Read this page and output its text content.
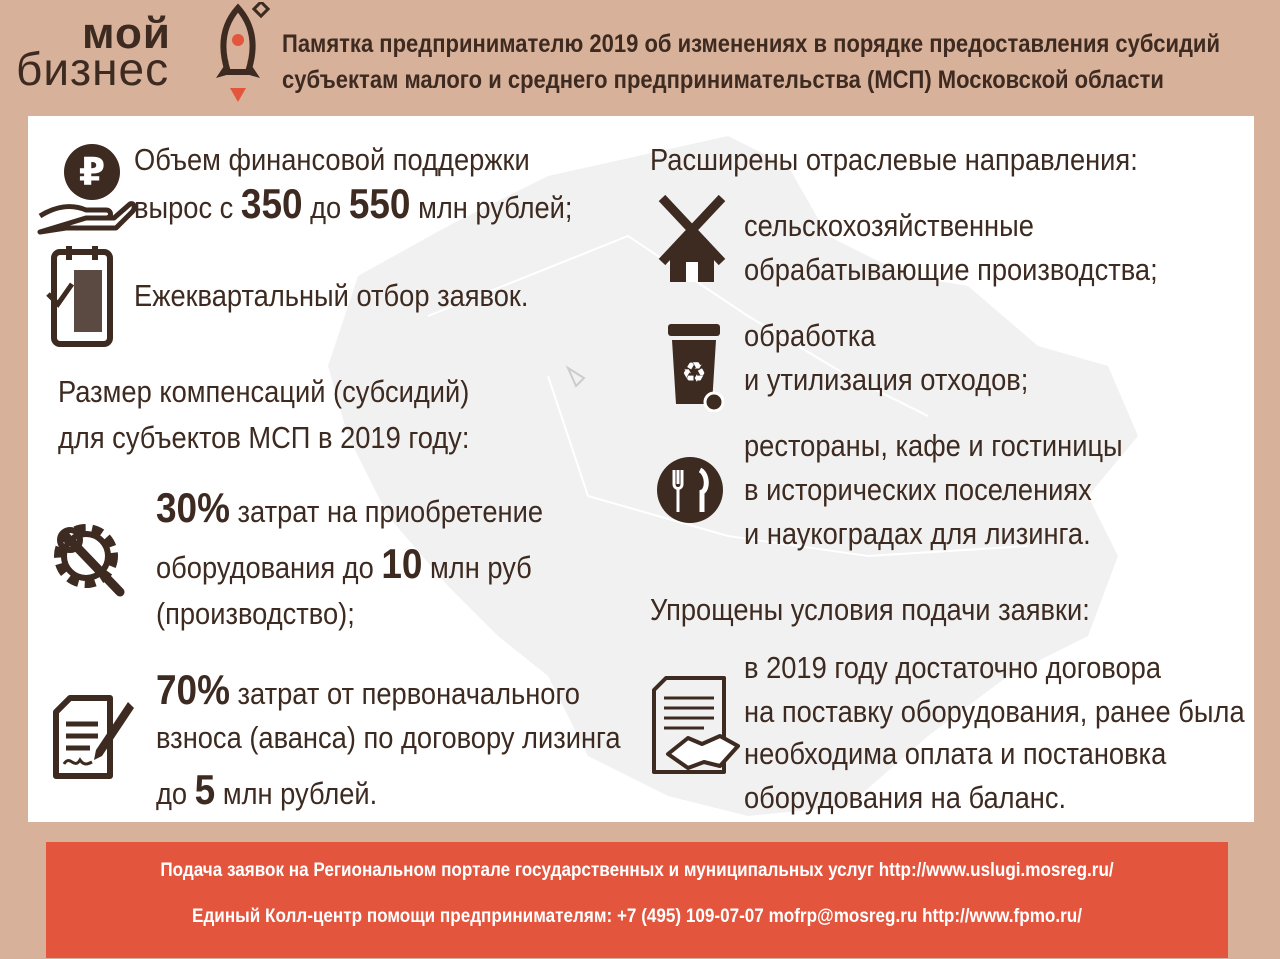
мой
бизнес	Памятка предпринимателю 2019 об изменениях в порядке предоставления субсидий
субъектам малого и среднего предпринимательства (МСП) Московской области
₽ Объем финансовой поддержки
вырос с 350 до 550 млн рублей;
Ежеквартальный отбор заявок.
Размер компенсаций (субсидий)
для субъектов МСП в 2019 году:
30% затрат на приобретение
оборудования до 10 млн руб
(производство);
70% затрат от первоначального
взноса (аванса) по договору лизинга
до 5 млн рублей.
Расширены отраслевые направления:
сельскохозяйственные
обрабатывающие производства;
♻
обработка
и утилизация отходов;
рестораны, кафе и гостиницы
в исторических поселениях
и наукоградах для лизинга.
Упрощены условия подачи заявки:
в 2019 году достаточно договора
на поставку оборудования, ранее была
необходима оплата и постановка
оборудования на баланс.
Подача заявок на Региональном портале государственных и муниципальных услуг http://www.uslugi.mosreg.ru/
Единый Колл-центр помощи предпринимателям: +7 (495) 109-07-07 mofrp@mosreg.ru http://www.fpmo.ru/
